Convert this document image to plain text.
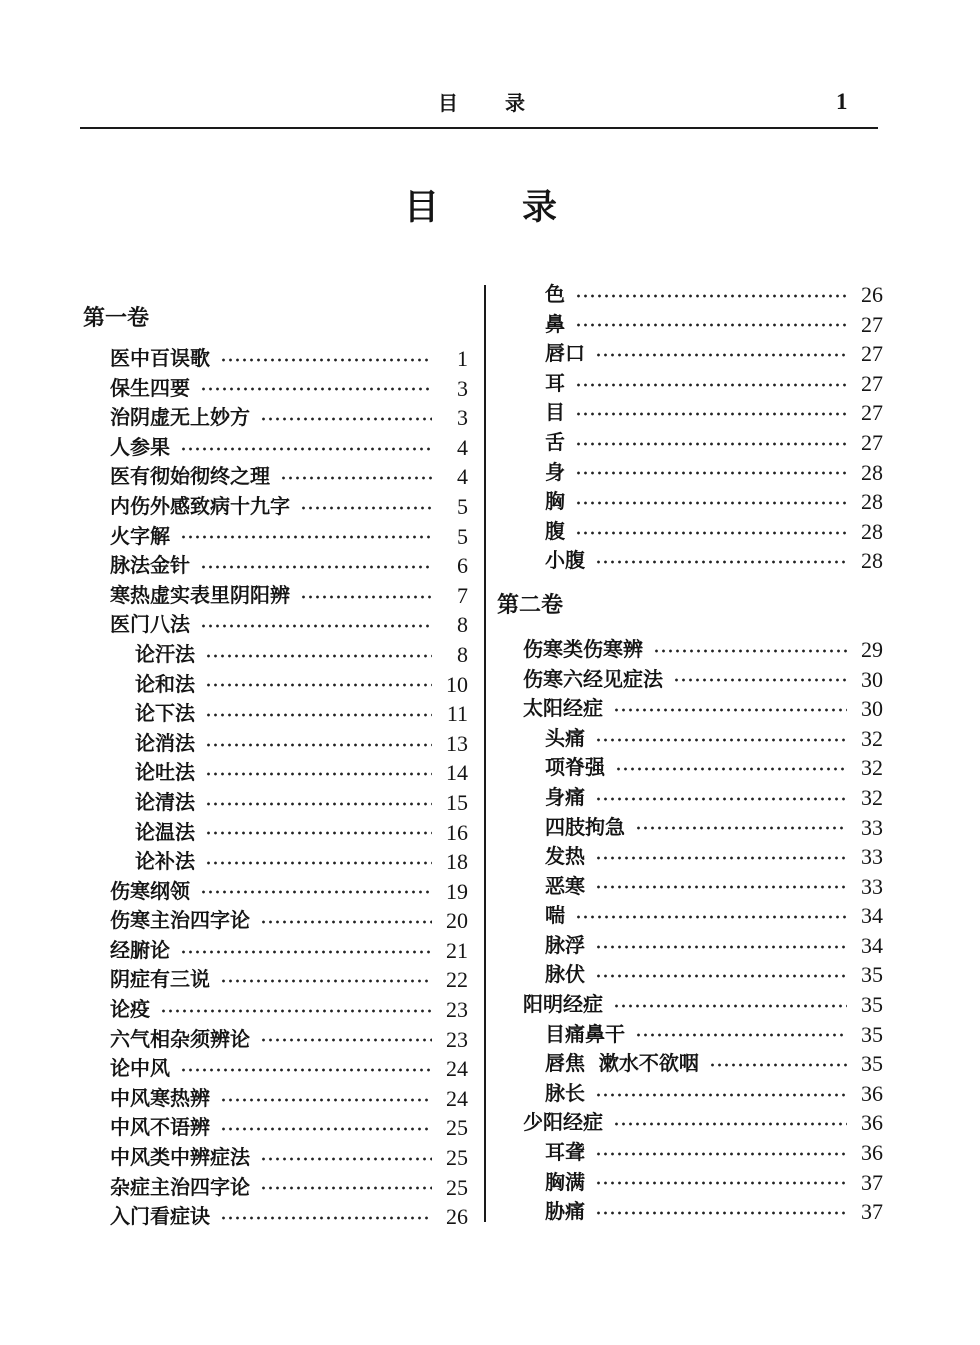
目录	1
目录
第一卷
医中百误歌	1
保生四要	3
治阴虚无上妙方	3
人参果	4
医有彻始彻终之理	4
内伤外感致病十九字	5
火字解	5
脉法金针	6
寒热虚实表里阴阳辨	7
医门八法	8
论汗法	8
论和法	10
论下法	11
论消法	13
论吐法	14
论清法	15
论温法	16
论补法	18
伤寒纲领	19
伤寒主治四字论	20
经腑论	21
阴症有三说	22
论疫	23
六气相杂须辨论	23
论中风	24
中风寒热辨	24
中风不语辨	25
中风类中辨症法	25
杂症主治四字论	25
入门看症诀	26
色	26
鼻	27
唇口	27
耳	27
目	27
舌	27
身	28
胸	28
腹	28
小腹	28
第二卷
伤寒类伤寒辨	29
伤寒六经见症法	30
太阳经症	30
头痛	32
项脊强	32
身痛	32
四肢拘急	33
发热	33
恶寒	33
喘	34
脉浮	34
脉伏	35
阳明经症	35
目痛鼻干	35
唇焦  漱水不欲咽	35
脉长	36
少阳经症	36
耳聋	36
胸满	37
胁痛	37
